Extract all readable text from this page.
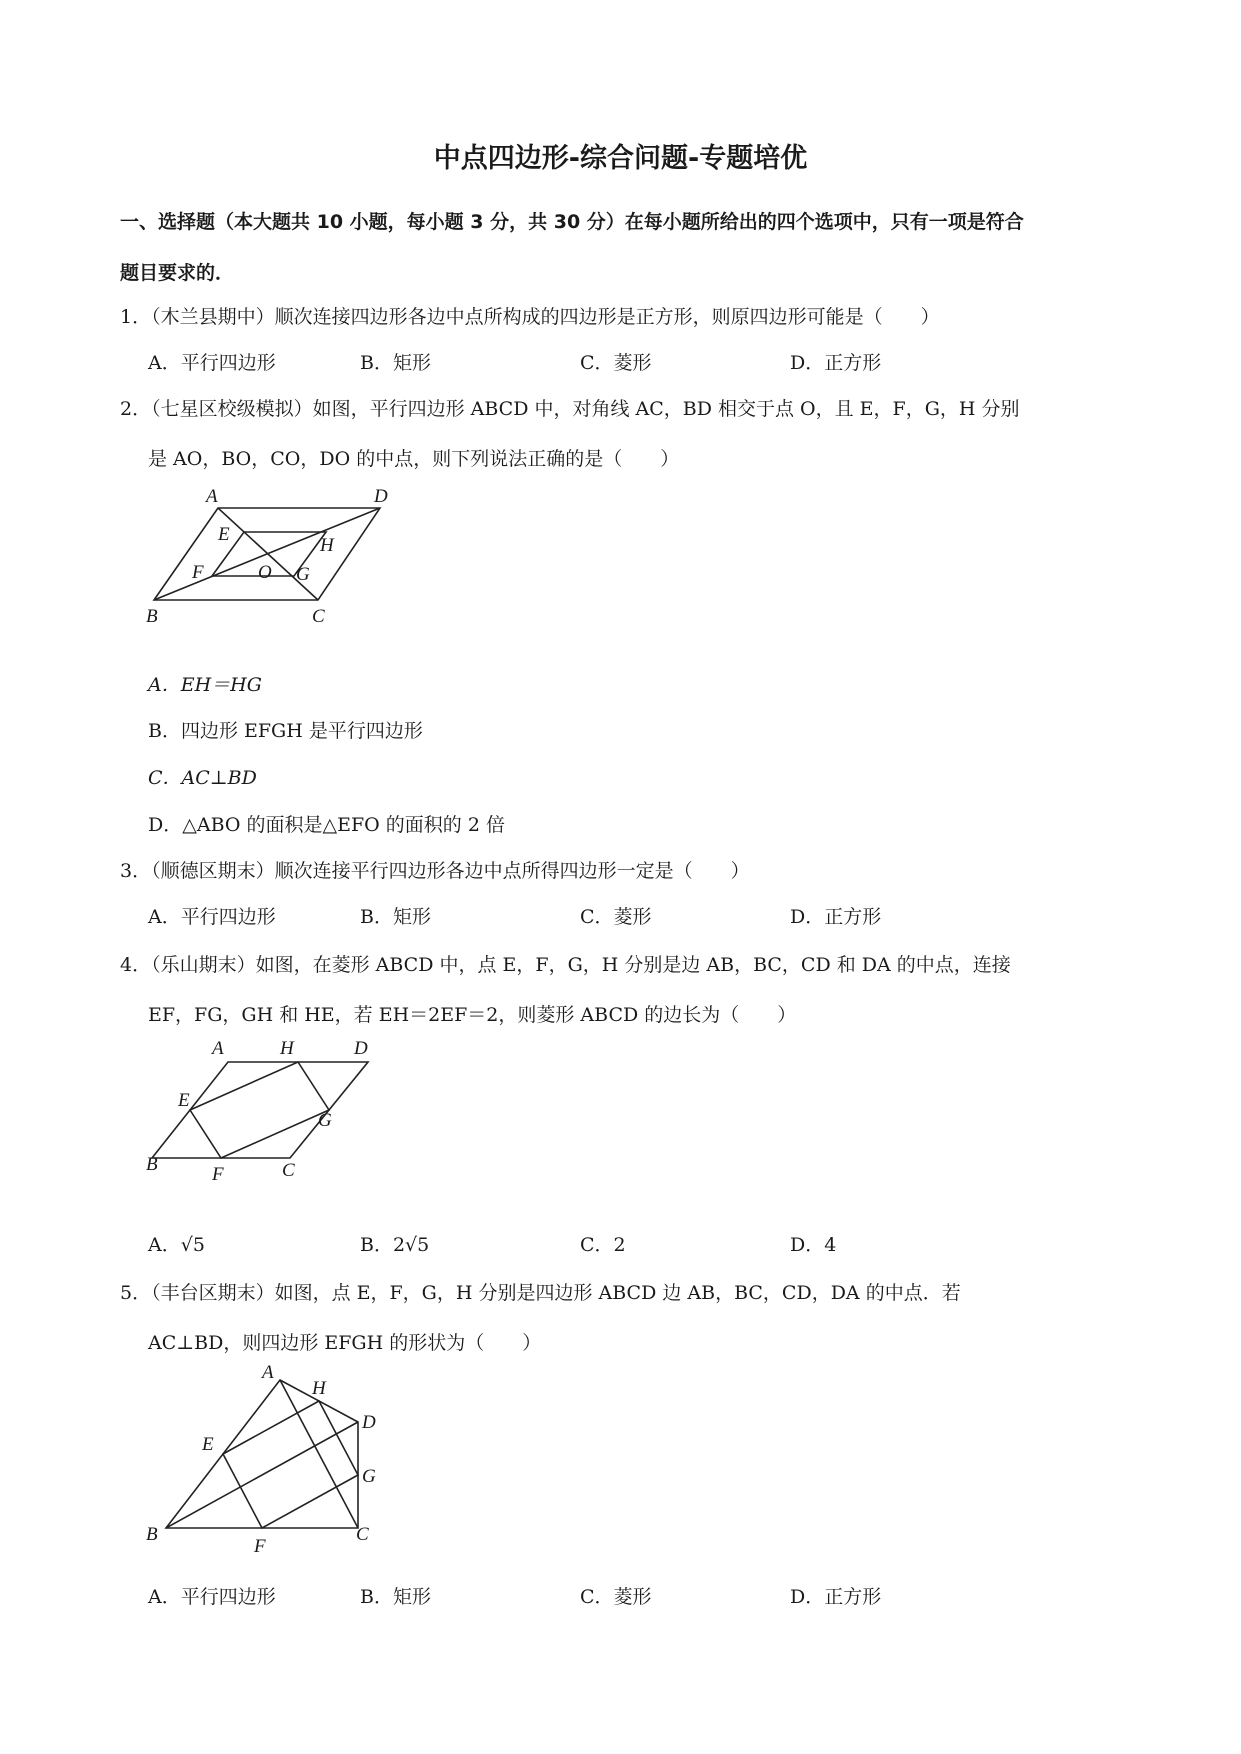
中点四边形-综合问题-专题培优
一、选择题（本大题共 10 小题，每小题 3 分，共 30 分）在每小题所给出的四个选项中，只有一项是符合
题目要求的．
1．（木兰县期中）顺次连接四边形各边中点所构成的四边形是正方形，则原四边形可能是（　　）
A．平行四边形	B．矩形	C．菱形	D．正方形
2．（七星区校级模拟）如图，平行四边形 ABCD 中，对角线 AC，BD 相交于点 O，且 E，F，G，H 分别
是 AO，BO，CO，DO 的中点，则下列说法正确的是（　　）
A	D
E
H
F	O G
B	C
A．EH＝HG
B．四边形 EFGH 是平行四边形
C．AC⊥BD
D．△ABO 的面积是△EFO 的面积的 2 倍
3．（顺德区期末）顺次连接平行四边形各边中点所得四边形一定是（　　）
A．平行四边形	B．矩形	C．菱形	D．正方形
4．（乐山期末）如图，在菱形 ABCD 中，点 E，F，G，H 分别是边 AB，BC，CD 和 DA 的中点，连接
EF，FG，GH 和 HE，若 EH＝2EF＝2，则菱形 ABCD 的边长为（　　）
A	H	D
E
G
B	F	C
A．√5	B．2√5	C．2	D．4
5．（丰台区期末）如图，点 E，F，G，H 分别是四边形 ABCD 边 AB，BC，CD，DA 的中点．若
AC⊥BD，则四边形 EFGH 的形状为（　　）
A
H
D
E
G
B
F
C
A．平行四边形	B．矩形	C．菱形	D．正方形
